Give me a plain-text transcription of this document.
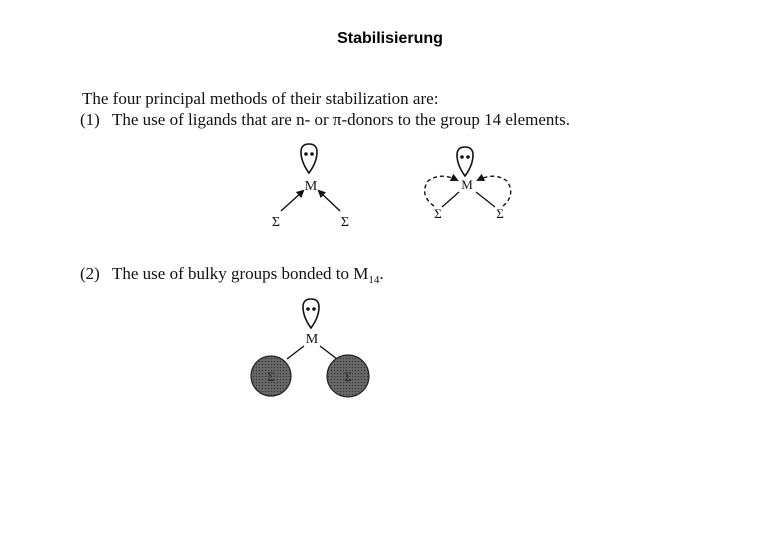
Stabilisierung
The four principal methods of their stabilization are:
(1) The use of ligands that are n- or π-donors to the group 14 elements.
(2) The use of bulky groups bonded to $M_{14}$.
M
Σ	Σ
M
Σ	Σ
M
Σ	Σ
